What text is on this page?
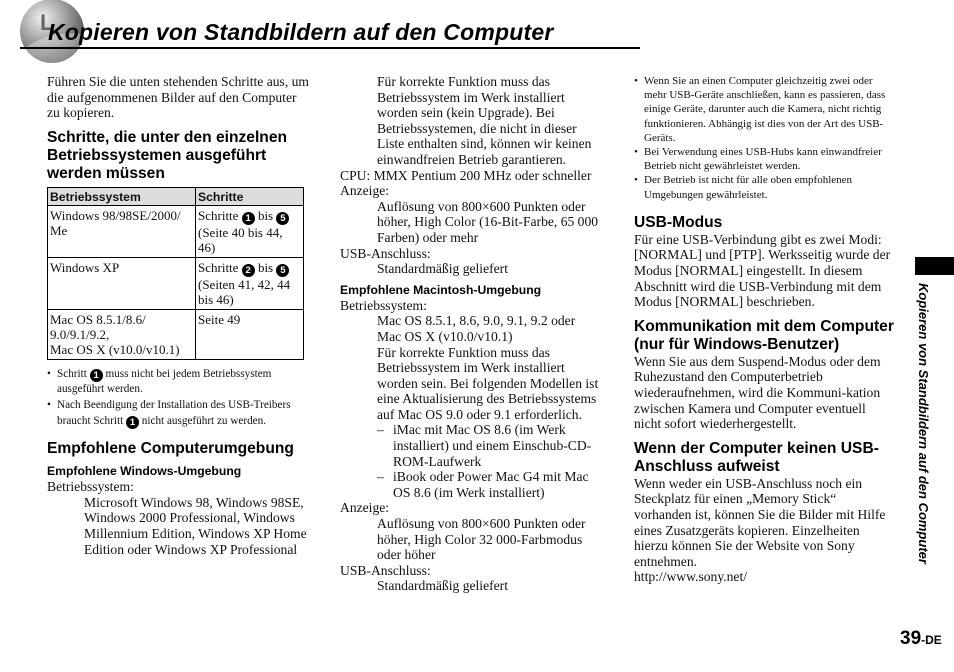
L
Kopieren von Standbildern auf den Computer

Führen Sie die unten stehenden Schritte aus, um die aufgenommenen Bilder auf den Computer zu kopieren.

Schritte, die unter den einzelnen Betriebssystemen ausgeführt werden müssen

Betriebssystem	Schritte
Windows 98/98SE/2000/ Me	Schritte 1 bis 5 (Seite 40 bis 44, 46)
Windows XP	Schritte 2 bis 5 (Seiten 41, 42, 44 bis 46)

Mac OS 8.5.1/8.6/
9.0/9.1/9.2,
Mac OS X (v10.0/v10.1)	Seite 49
• Schritt 1 muss nicht bei jedem Betriebssystem ausgeführt werden.
• Nach Beendigung der Installation des USB-Treibers braucht Schritt 1 nicht ausgeführt zu werden.

Empfohlene Computerumgebung

Empfohlene Windows-Umgebung

Betriebssystem:

Microsoft Windows 98, Windows 98SE, Windows 2000 Professional, Windows Millennium Edition, Windows XP Home Edition oder Windows XP Professional

Für korrekte Funktion muss das Betriebssystem im Werk installiert worden sein (kein Upgrade). Bei Betriebssystemen, die nicht in dieser Liste enthalten sind, können wir keinen einwandfreien Betrieb garantieren.

CPU: MMX Pentium 200 MHz oder schneller

Anzeige:

Auflösung von 800×600 Punkten oder höher, High Color (16-Bit-Farbe, 65 000 Farben) oder mehr

USB-Anschluss:

Standardmäßig geliefert

Empfohlene Macintosh-Umgebung

Betriebssystem:

Mac OS 8.5.1, 8.6, 9.0, 9.1, 9.2 oder Mac OS X (v10.0/v10.1)

Für korrekte Funktion muss das Betriebssystem im Werk installiert worden sein. Bei folgenden Modellen ist eine Aktualisierung des Betriebssystems auf Mac OS 9.0 oder 9.1 erforderlich.

– iMac mit Mac OS 8.6 (im Werk installiert) und einem Einschub-CD-ROM-Laufwerk
– iBook oder Power Mac G4 mit Mac OS 8.6 (im Werk installiert)

Anzeige:

Auflösung von 800×600 Punkten oder höher, High Color 32 000-Farbmodus oder höher

USB-Anschluss:

Standardmäßig geliefert

• Wenn Sie an einen Computer gleichzeitig zwei oder mehr USB-Geräte anschließen, kann es passieren, dass einige Geräte, darunter auch die Kamera, nicht richtig funktionieren. Abhängig ist dies von der Art des USB-Geräts.
• Bei Verwendung eines USB-Hubs kann einwandfreier Betrieb nicht gewährleistet werden.
• Der Betrieb ist nicht für alle oben empfohlenen Umgebungen gewährleistet.

USB-Modus

Für eine USB-Verbindung gibt es zwei Modi: [NORMAL] und [PTP]. Werksseitig wurde der Modus [NORMAL] eingestellt. In diesem Abschnitt wird die USB-Verbindung mit dem Modus [NORMAL] beschrieben.

Kommunikation mit dem Computer (nur für Windows-Benutzer)

Wenn Sie aus dem Suspend-Modus oder dem Ruhezustand den Computerbetrieb wiederaufnehmen, wird die Kommuni-kation zwischen Kamera und Computer eventuell nicht sofort wiederhergestellt.

Wenn der Computer keinen USB-Anschluss aufweist

Wenn weder ein USB-Anschluss noch ein Steckplatz für einen „Memory Stick“ vorhanden ist, können Sie die Bilder mit Hilfe eines Zusatzgeräts kopieren. Einzelheiten hierzu können Sie der Website von Sony entnehmen.

http://www.sony.net/

Kopieren von Standbildern auf den Computer
39-DE
